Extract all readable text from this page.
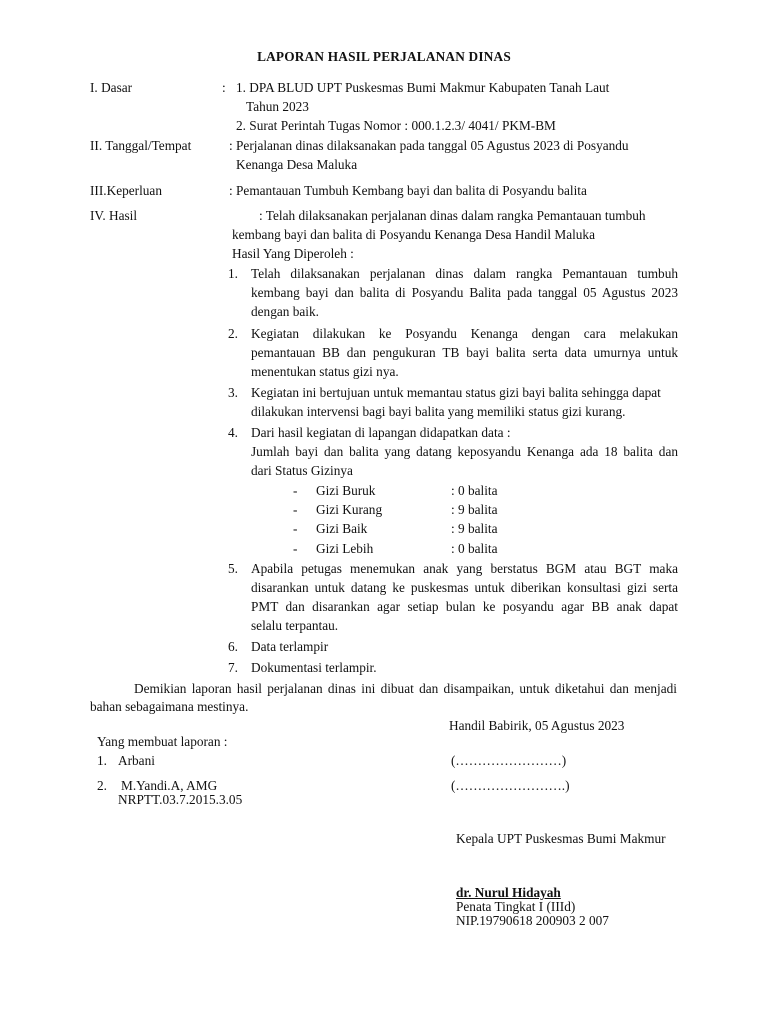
LAPORAN HASIL PERJALANAN DINAS
I. Dasar	: 1. DPA BLUD UPT Puskesmas Bumi Makmur Kabupaten Tanah Laut
Tahun 2023
2. Surat Perintah Tugas Nomor : 000.1.2.3/ 4041/ PKM-BM
II. Tanggal/Tempat	: Perjalanan dinas dilaksanakan pada tanggal 05 Agustus 2023 di Posyandu
Kenanga Desa Maluka
III.Keperluan	: Pemantauan Tumbuh Kembang bayi dan balita di Posyandu balita
IV. Hasil	: Telah dilaksanakan perjalanan dinas dalam rangka Pemantauan tumbuh
kembang bayi dan balita di Posyandu Kenanga Desa Handil Maluka
Hasil Yang Diperoleh :
1. Telah dilaksanakan perjalanan dinas dalam rangka Pemantauan tumbuh
kembang bayi dan balita di Posyandu Balita pada tanggal 05 Agustus 2023
dengan baik.
2. Kegiatan dilakukan ke Posyandu Kenanga dengan cara melakukan
pemantauan BB dan pengukuran TB bayi balita serta data umurnya untuk
menentukan status gizi nya.
3. Kegiatan ini bertujuan untuk memantau status gizi bayi balita sehingga dapat
dilakukan intervensi bagi bayi balita yang memiliki status gizi kurang.
4. Dari hasil kegiatan di lapangan didapatkan data :
Jumlah bayi dan balita yang datang keposyandu Kenanga ada 18 balita dan
dari Status Gizinya
- Gizi Buruk	: 0 balita
- Gizi Kurang	: 9 balita
- Gizi Baik	: 9 balita
- Gizi Lebih	: 0 balita
5. Apabila petugas menemukan anak yang berstatus BGM atau BGT maka
disarankan untuk datang ke puskesmas untuk diberikan konsultasi gizi serta
PMT dan disarankan agar setiap bulan ke posyandu agar BB anak dapat
selalu terpantau.
6. Data terlampir
7. Dokumentasi terlampir.
Demikian laporan hasil perjalanan dinas ini dibuat dan disampaikan, untuk diketahui dan menjadi
bahan sebagaimana mestinya.
Handil Babirik, 05 Agustus 2023
Yang membuat laporan :
1. Arbani	(……………………)
2. M.Yandi.A, AMG	(…………………….)
NRPTT.03.7.2015.3.05
Kepala UPT Puskesmas Bumi Makmur
dr. Nurul Hidayah
Penata Tingkat I (IIId)
NIP.19790618 200903 2 007
